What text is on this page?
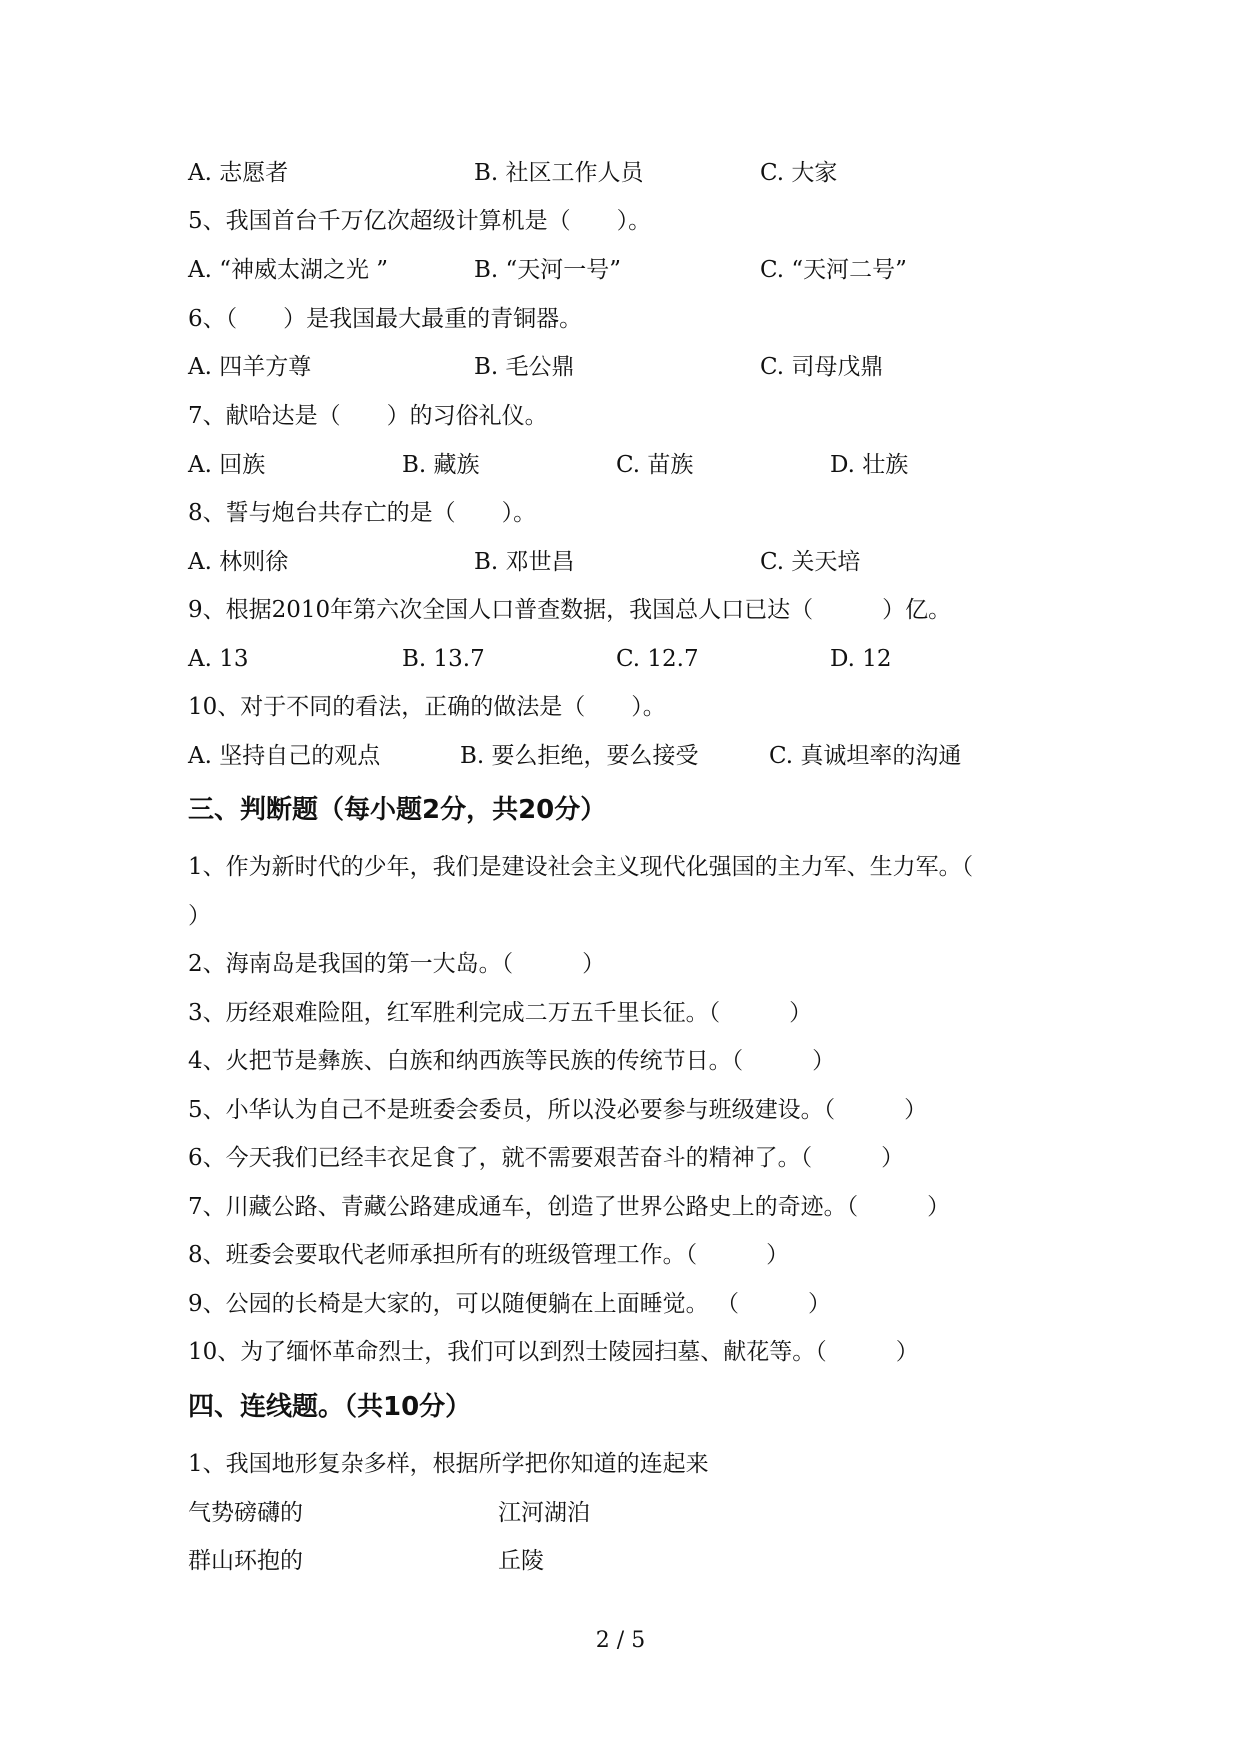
A. 志愿者	B. 社区工作人员	C. 大家
5、我国首台千万亿次超级计算机是（　　）。
A. “神威太湖之光 ”	B. “天河一号”	C. “天河二号”
6、（　　）是我国最大最重的青铜器。
A. 四羊方尊	B. 毛公鼎	C. 司母戊鼎
7、献哈达是（　　）的习俗礼仪。
A. 回族	B. 藏族	C. 苗族	D. 壮族
8、誓与炮台共存亡的是（　　）。
A. 林则徐	B. 邓世昌	C. 关天培
9、根据2010年第六次全国人口普查数据，我国总人口已达（　　　）亿。
A. 13	B. 13.7	C. 12.7	D. 12
10、对于不同的看法，正确的做法是（　　）。
A. 坚持自己的观点	B. 要么拒绝，要么接受	C. 真诚坦率的沟通
三、判断题（每小题2分，共20分）
1、作为新时代的少年，我们是建设社会主义现代化强国的主力军、生力军。（
）
2、海南岛是我国的第一大岛。（　　　）
3、历经艰难险阻，红军胜利完成二万五千里长征。（　　　）
4、火把节是彝族、白族和纳西族等民族的传统节日。（　　　）
5、小华认为自己不是班委会委员，所以没必要参与班级建设。（　　　）
6、今天我们已经丰衣足食了，就不需要艰苦奋斗的精神了。（　　　）
7、川藏公路、青藏公路建成通车，创造了世界公路史上的奇迹。（　　　）
8、班委会要取代老师承担所有的班级管理工作。（　　　）
9、公园的长椅是大家的，可以随便躺在上面睡觉。 （　　　）
10、为了缅怀革命烈士，我们可以到烈士陵园扫墓、献花等。（　　　）
四、连线题。（共10分）
1、我国地形复杂多样，根据所学把你知道的连起来
气势磅礴的	江河湖泊
群山环抱的	丘陵
2 / 5
